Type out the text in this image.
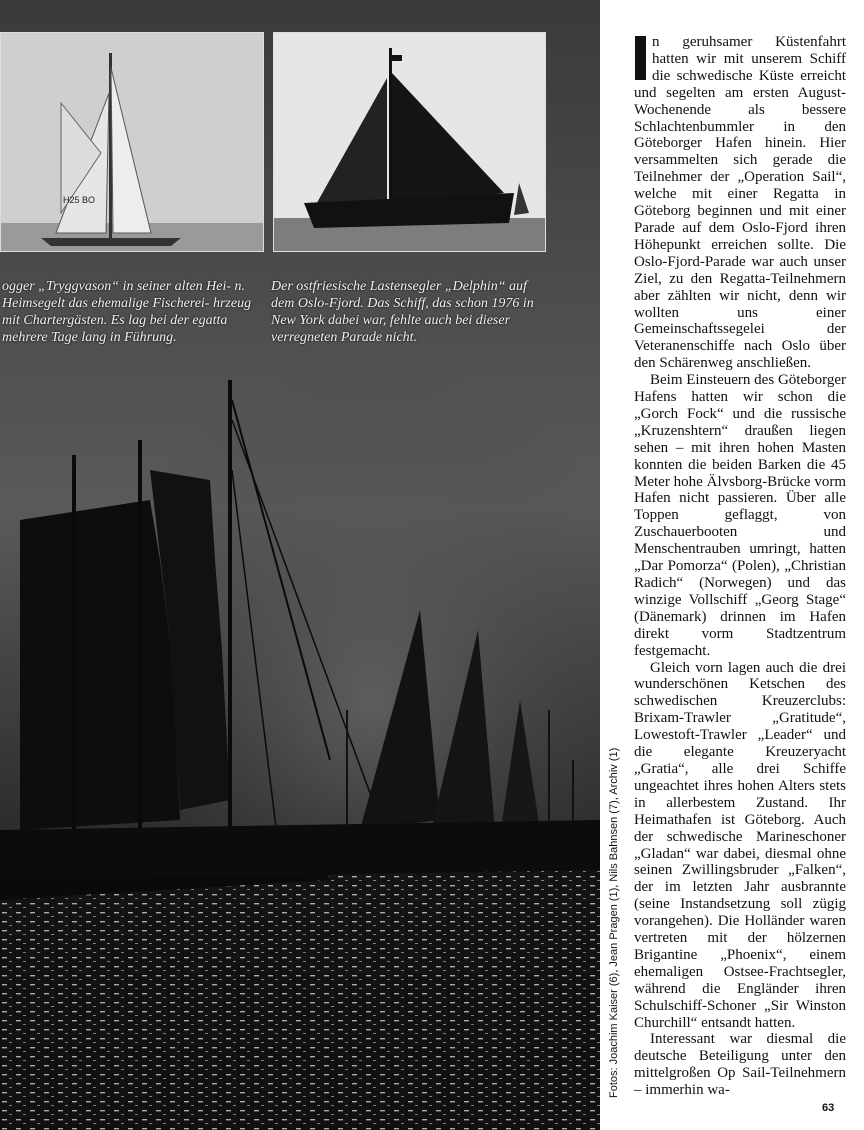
H25 BO
ogger „Tryggvason“ in seiner alten Hei- n. Heimsegelt das ehemalige Fischerei- hrzeug mit Chartergästen. Es lag bei der egatta mehrere Tage lang in Führung.
Der ostfriesische Lastensegler „Delphin“ auf dem Oslo-Fjord. Das Schiff, das schon 1976 in New York dabei war, fehlte auch bei dieser verregneten Parade nicht.
Fotos: Joachim Kaiser (6), Jean Pragen (1), Nils Bahnsen (7), Archiv (1)

n geruhsamer Küstenfahrt hatten wir mit unserem Schiff die schwedische Küste erreicht und segelten am ersten August-Wochenende als bessere Schlachtenbummler in den Göteborger Hafen hinein. Hier versammelten sich gerade die Teilnehmer der „Operation Sail“, welche mit einer Regatta in Göteborg beginnen und mit einer Parade auf dem Oslo-Fjord ihren Höhepunkt erreichen sollte. Die Oslo-Fjord-Parade war auch unser Ziel, zu den Regatta-Teilnehmern aber zählten wir nicht, denn wir wollten uns einer Gemeinschaftssegelei der Veteranenschiffe nach Oslo über den Schärenweg anschließen.

Beim Einsteuern des Göteborger Hafens hatten wir schon die „Gorch Fock“ und die russische „Kruzenshtern“ draußen liegen sehen – mit ihren hohen Masten konnten die beiden Barken die 45 Meter hohe Älvsborg-Brücke vorm Hafen nicht passieren. Über alle Toppen geflaggt, von Zuschauerbooten und Menschentrauben umringt, hatten „Dar Pomorza“ (Polen), „Christian Radich“ (Norwegen) und das winzige Vollschiff „Georg Stage“ (Dänemark) drinnen im Hafen direkt vorm Stadtzentrum festgemacht.

Gleich vorn lagen auch die drei wunderschönen Ketschen des schwedischen Kreuzerclubs: Brixam-Trawler „Gratitude“, Lowestoft-Trawler „Leader“ und die elegante Kreuzeryacht „Gratia“, alle drei Schiffe ungeachtet ihres hohen Alters stets in allerbestem Zustand. Ihr Heimathafen ist Göteborg. Auch der schwedische Marineschoner „Gladan“ war dabei, diesmal ohne seinen Zwillingsbruder „Falken“, der im letzten Jahr ausbrannte (seine Instandsetzung soll zügig vorangehen). Die Holländer waren vertreten mit der hölzernen Brigantine „Phoenix“, einem ehemaligen Ostsee-Frachtsegler, während die Engländer ihren Schulschiff-Schoner „Sir Winston Churchill“ entsandt hatten.

Interessant war diesmal die deutsche Beteiligung unter den mittelgroßen Op Sail-Teilnehmern – immerhin wa-

63
